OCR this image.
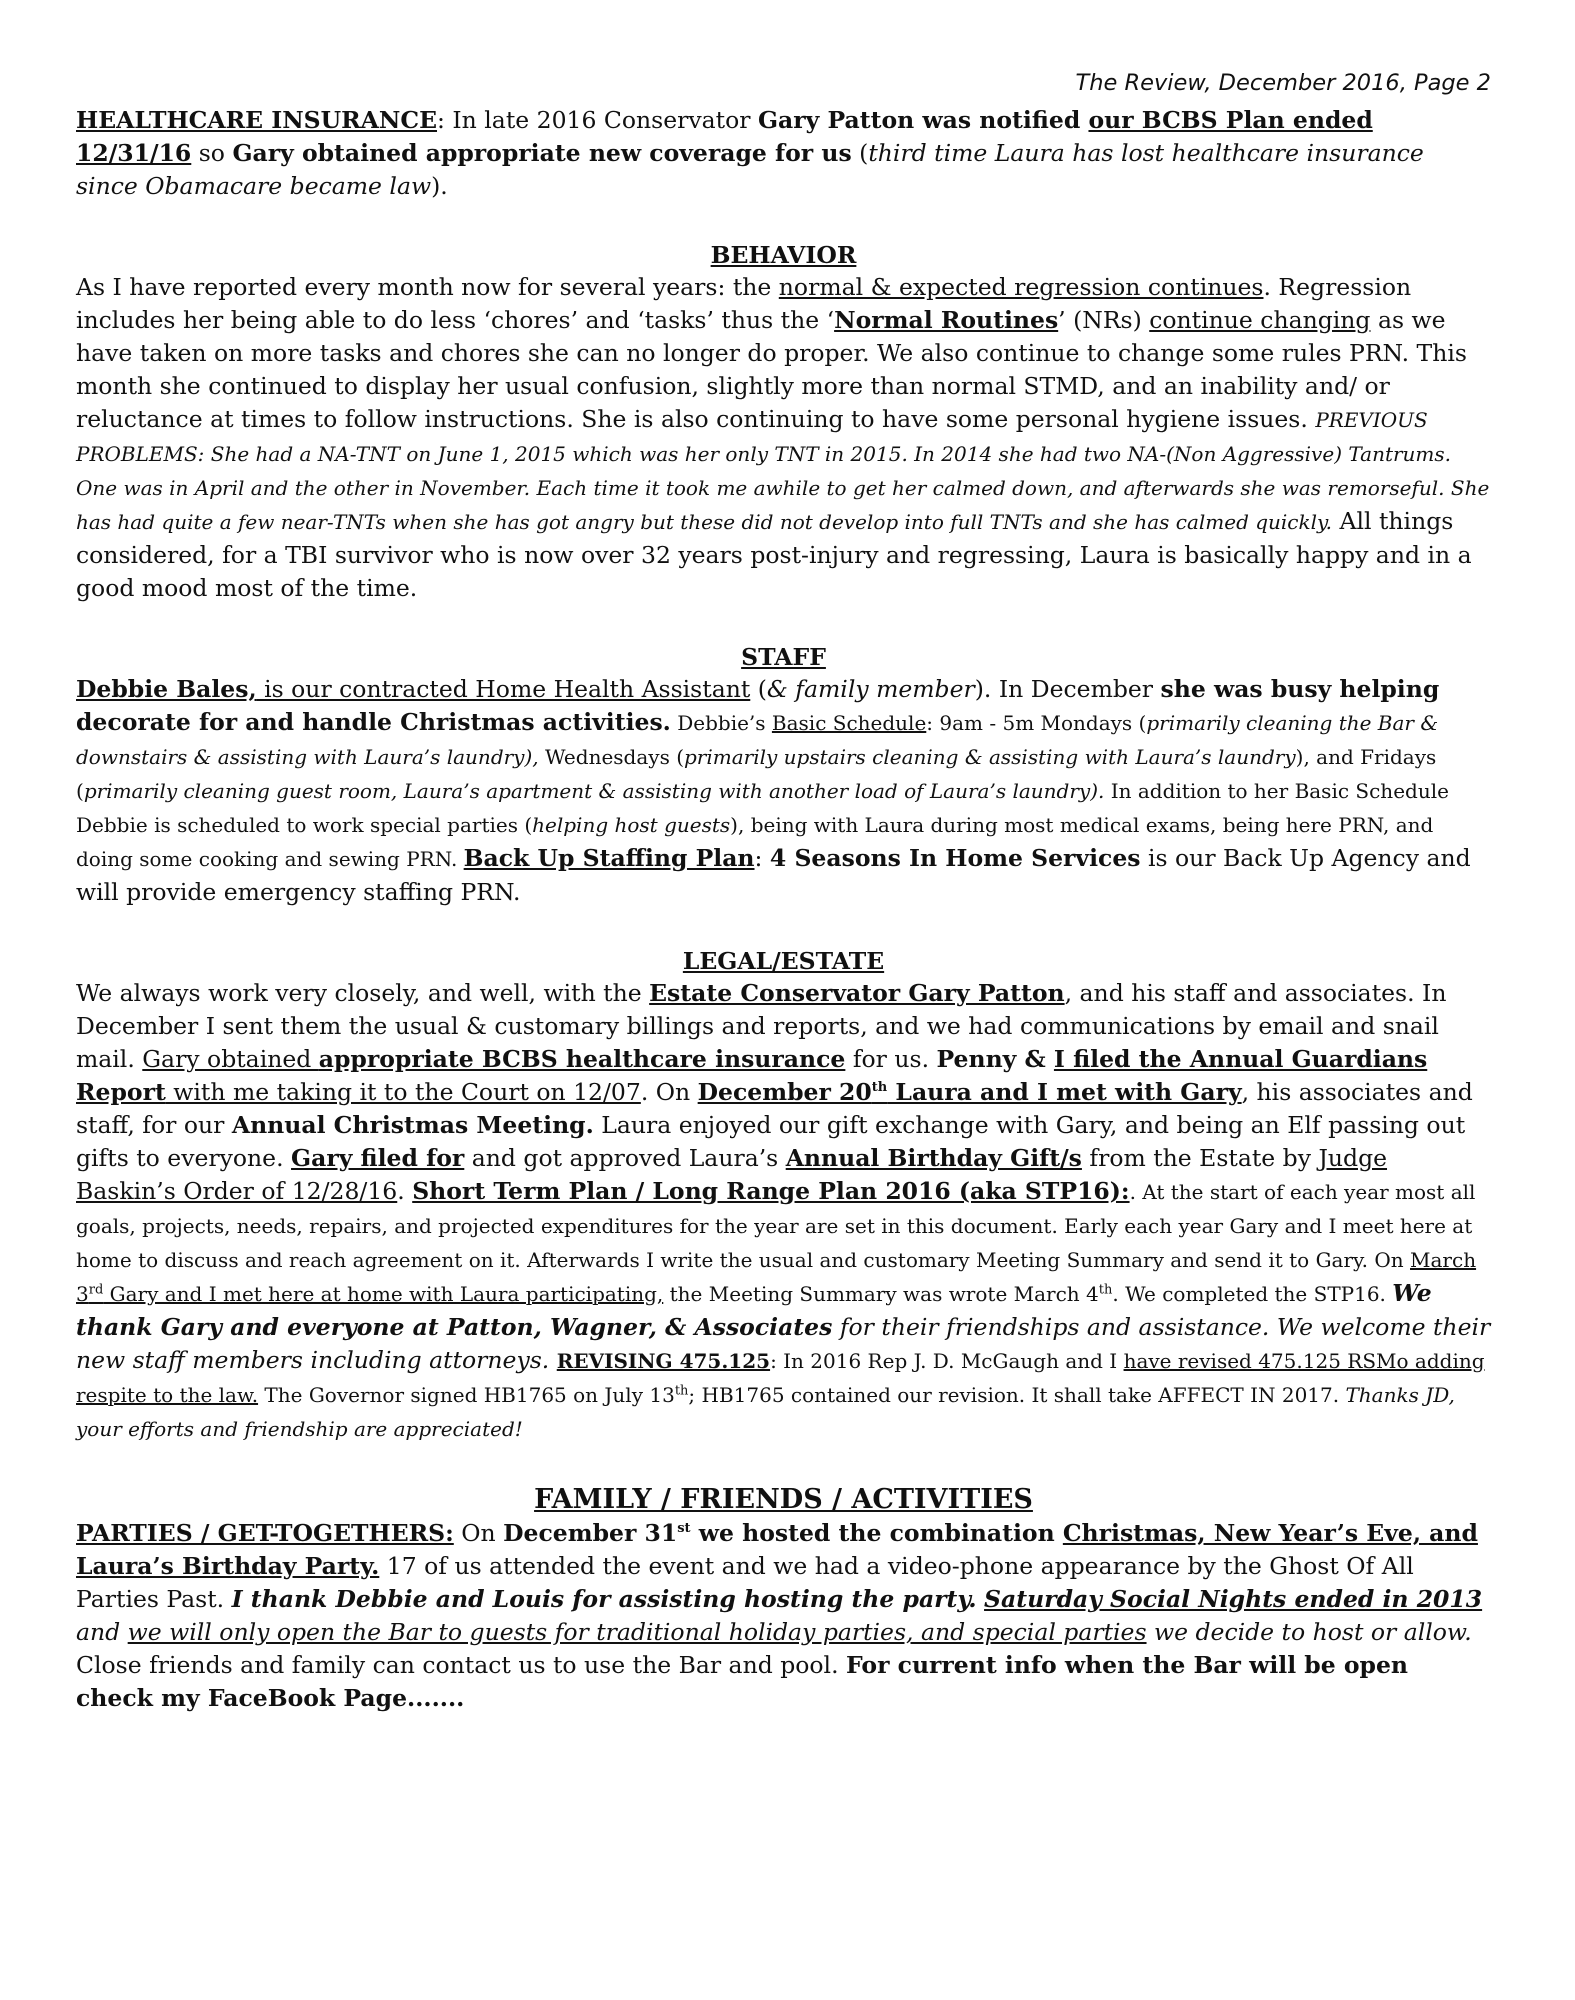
The Review, December 2016, Page 2

HEALTHCARE INSURANCE: In late 2016 Conservator Gary Patton was notified our BCBS Plan ended 12/31/16 so Gary obtained appropriate new coverage for us (third time Laura has lost healthcare insurance since Obamacare became law).

BEHAVIOR

As I have reported every month now for several years: the normal & expected regression continues. Regression includes her being able to do less ‘chores’ and ‘tasks’ thus the ‘Normal Routines’ (NRs) continue changing as we have taken on more tasks and chores she can no longer do proper. We also continue to change some rules PRN. This month she continued to display her usual confusion, slightly more than normal STMD, and an inability and/ or reluctance at times to follow instructions. She is also continuing to have some personal hygiene issues. PREVIOUS PROBLEMS: She had a NA-TNT on June 1, 2015 which was her only TNT in 2015. In 2014 she had two NA-(Non Aggressive) Tantrums. One was in April and the other in November. Each time it took me awhile to get her calmed down, and afterwards she was remorseful. She has had quite a few near-TNTs when she has got angry but these did not develop into full TNTs and she has calmed quickly. All things considered, for a TBI survivor who is now over 32 years post-injury and regressing, Laura is basically happy and in a good mood most of the time.

STAFF

Debbie Bales, is our contracted Home Health Assistant (& family member). In December she was busy helping decorate for and handle Christmas activities. Debbie’s Basic Schedule: 9am - 5m Mondays (primarily cleaning the Bar & downstairs & assisting with Laura’s laundry), Wednesdays (primarily upstairs cleaning & assisting with Laura’s laundry), and Fridays (primarily cleaning guest room, Laura’s apartment & assisting with another load of Laura’s laundry). In addition to her Basic Schedule Debbie is scheduled to work special parties (helping host guests), being with Laura during most medical exams, being here PRN, and doing some cooking and sewing PRN. Back Up Staffing Plan: 4 Seasons In Home Services is our Back Up Agency and will provide emergency staffing PRN.

LEGAL/ESTATE

We always work very closely, and well, with the Estate Conservator Gary Patton, and his staff and associates. In December I sent them the usual & customary billings and reports, and we had communications by email and snail mail. Gary obtained appropriate BCBS healthcare insurance for us. Penny & I filed the Annual Guardians Report with me taking it to the Court on 12/07. On December 20th Laura and I met with Gary, his associates and staff, for our Annual Christmas Meeting. Laura enjoyed our gift exchange with Gary, and being an Elf passing out gifts to everyone. Gary filed for and got approved Laura’s Annual Birthday Gift/s from the Estate by Judge Baskin’s Order of 12/28/16. Short Term Plan / Long Range Plan 2016 (aka STP16):. At the start of each year most all goals, projects, needs, repairs, and projected expenditures for the year are set in this document. Early each year Gary and I meet here at home to discuss and reach agreement on it. Afterwards I write the usual and customary Meeting Summary and send it to Gary. On March 3rd Gary and I met here at home with Laura participating, the Meeting Summary was wrote March 4th. We completed the STP16. We thank Gary and everyone at Patton, Wagner, & Associates for their friendships and assistance. We welcome their new staff members including attorneys. REVISING 475.125: In 2016 Rep J. D. McGaugh and I have revised 475.125 RSMo adding respite to the law. The Governor signed HB1765 on July 13th; HB1765 contained our revision. It shall take AFFECT IN 2017. Thanks JD, your efforts and friendship are appreciated!

FAMILY / FRIENDS / ACTIVITIES

PARTIES / GET-TOGETHERS: On December 31st we hosted the combination Christmas, New Year’s Eve, and Laura’s Birthday Party. 17 of us attended the event and we had a video-phone appearance by the Ghost Of All Parties Past. I thank Debbie and Louis for assisting hosting the party. Saturday Social Nights ended in 2013 and we will only open the Bar to guests for traditional holiday parties, and special parties we decide to host or allow. Close friends and family can contact us to use the Bar and pool. For current info when the Bar will be open check my FaceBook Page.......
